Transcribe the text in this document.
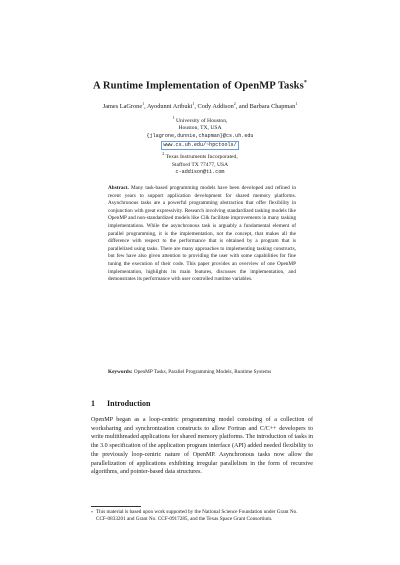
A Runtime Implementation of OpenMP Tasks*
James LaGrone$^1$, Ayodunni Aribuki$^1$, Cody Addison$^2$, and Barbara Chapman$^1$
$^1$ University of Houston,
Houston, TX, USA
{jlagrone,dunnie,chapman}@cs.uh.edu
www.cs.uh.edu/~hpctools/
$^2$ Texas Instruments Incorporated,
Stafford TX 77477, USA
c-addison@ti.com
Abstract. Many task-based programming models have been developed and refined in recent years to support application development for shared memory platforms. Asynchronous tasks are a powerful programming abstraction that offer flexibility in conjunction with great expressivity. Research involving standardized tasking models like OpenMP and non-standardized models like Cilk facilitate improvements in many tasking implementations. While the asynchronous task is arguably a fundamental element of parallel programming, it is the implementation, not the concept, that makes all the difference with respect to the performance that is obtained by a program that is parallelized using tasks. There are many approaches to implementing tasking constructs, but few have also given attention to providing the user with some capabilities for fine tuning the execution of their code. This paper provides an overview of one OpenMP implementation, highlights its main features, discusses the implementation, and demonstrates its performance with user controlled runtime variables.
Keywords: OpenMP Tasks, Parallel Programming Models, Runtime Systems
1 Introduction
OpenMP began as a loop-centric programming model consisting of a collection of worksharing and synchronization constructs to allow Fortran and C/C++ developers to write multithreaded applications for shared memory platforms. The introduction of tasks in the 3.0 specification of the application program interface (API) added needed flexibility to the previously loop-centric nature of OpenMP. Asynchronous tasks now allow the parallelization of applications exhibiting irregular parallelism in the form of recursive algorithms, and pointer-based data structures.
* This material is based upon work supported by the National Science Foundation under Grant No. CCF-0833201 and Grant No. CCF-0917285, and the Texas Space Grant Consortium.
